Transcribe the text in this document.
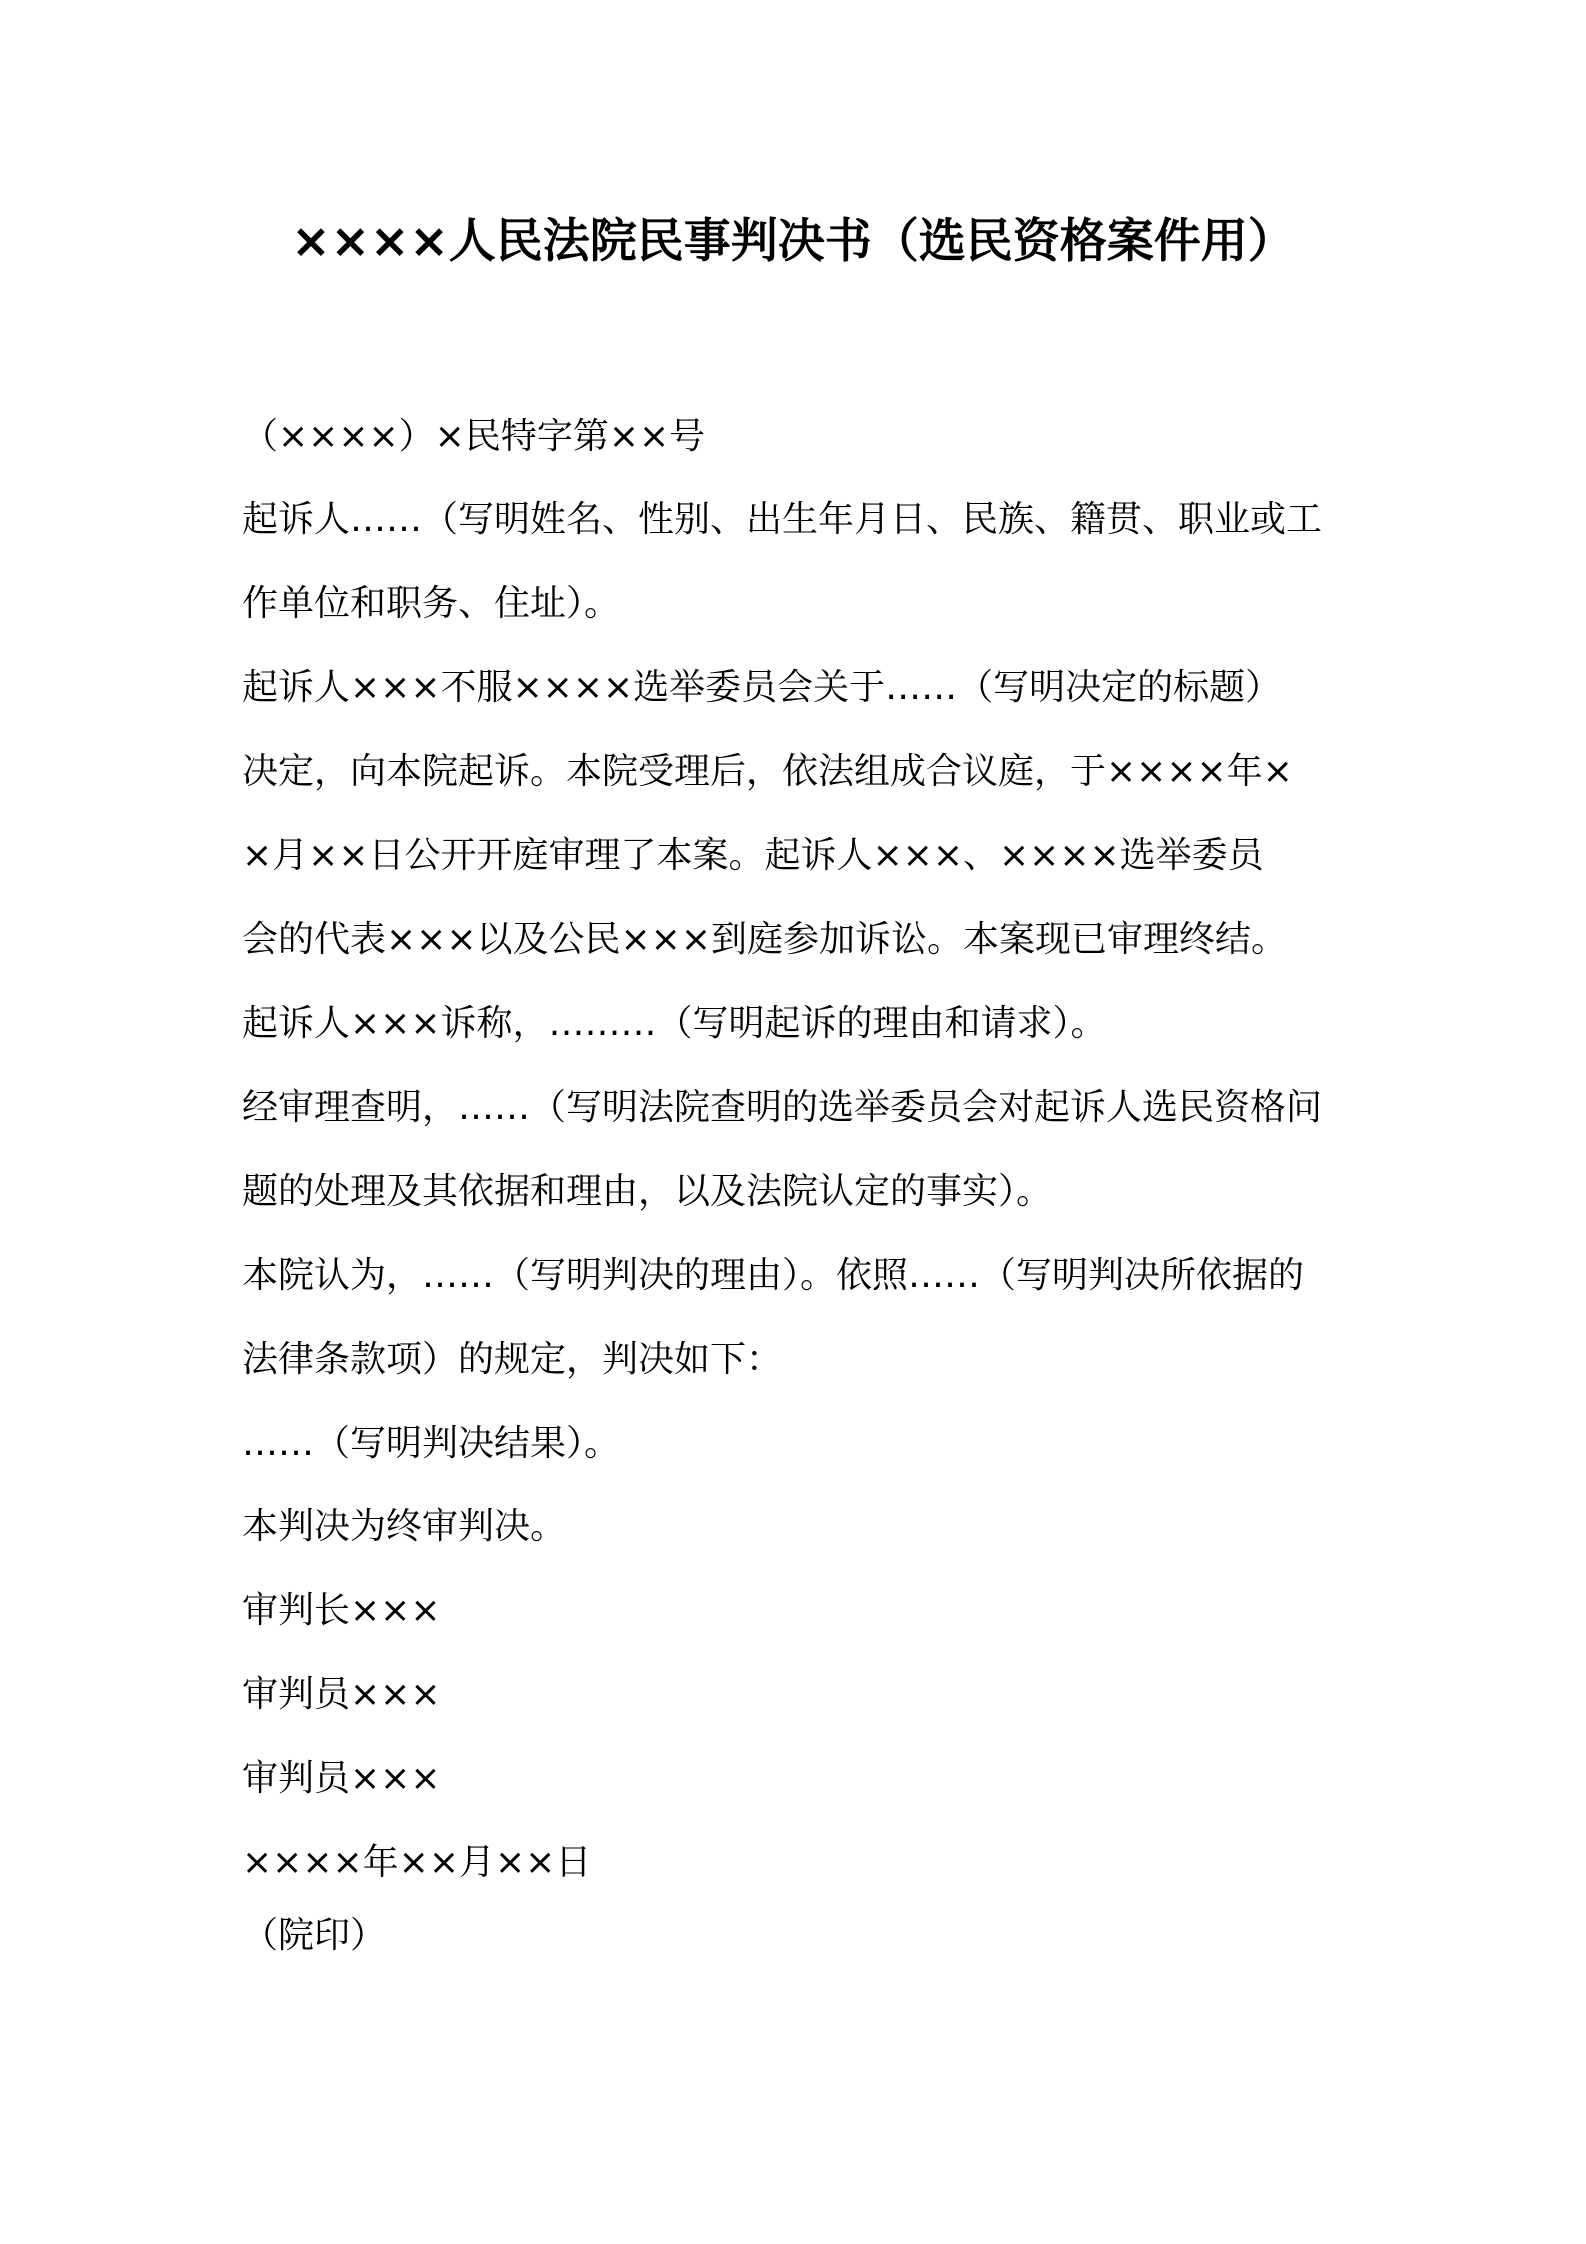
××××人民法院民事判决书（选民资格案件用）
（××××）×民特字第××号
起诉人……（写明姓名、性别、出生年月日、民族、籍贯、职业或工
作单位和职务、住址）。
起诉人×××不服××××选举委员会关于……（写明决定的标题）
决定，向本院起诉。本院受理后，依法组成合议庭，于××××年×
×月××日公开开庭审理了本案。起诉人×××、××××选举委员
会的代表×××以及公民×××到庭参加诉讼。本案现已审理终结。
起诉人×××诉称，………（写明起诉的理由和请求）。
经审理查明，……（写明法院查明的选举委员会对起诉人选民资格问
题的处理及其依据和理由，以及法院认定的事实）。
本院认为，……（写明判决的理由）。依照……（写明判决所依据的
法律条款项）的规定，判决如下：
……（写明判决结果）。
本判决为终审判决。
审判长×××
审判员×××
审判员×××
××××年××月××日
（院印）
